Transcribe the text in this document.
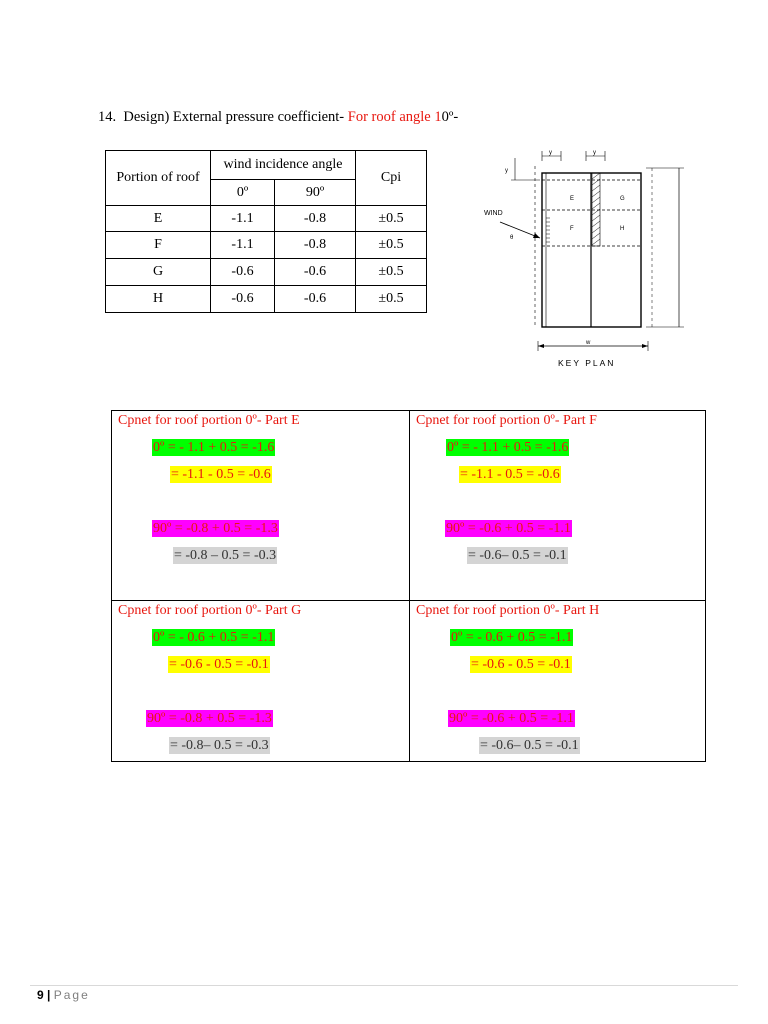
14. Design) External pressure coefficient- For roof angle 10º-
Portion of roof	wind incidence angle		Cpi
	0º	90º	
E	-1.1	-0.8	±0.5
F	-1.1	-0.8	±0.5
G	-0.6	-0.6	±0.5
H	-0.6	-0.6	±0.5
E
F
G
H
y	y
y
WIND
θ
w
KEY PLAN
Cpnet for roof portion 0º- Part E
0º = - 1.1 + 0.5 = -1.6
= -1.1 - 0.5 = -0.6
90º = -0.8 + 0.5 = -1.3
= -0.8 – 0.5 = -0.3
Cpnet for roof portion 0º- Part F
0º = - 1.1 + 0.5 = -1.6
= -1.1 - 0.5 = -0.6
90º = -0.6 + 0.5 = -1.1
= -0.6– 0.5 = -0.1
Cpnet for roof portion 0º- Part G
0º = - 0.6 + 0.5 = -1.1
= -0.6 - 0.5 = -0.1
90º = -0.8 + 0.5 = -1.3
= -0.8– 0.5 = -0.3
Cpnet for roof portion 0º- Part H
0º = - 0.6 + 0.5 = -1.1
= -0.6 - 0.5 = -0.1
90º = -0.6 + 0.5 = -1.1
= -0.6– 0.5 = -0.1
9 | Page
